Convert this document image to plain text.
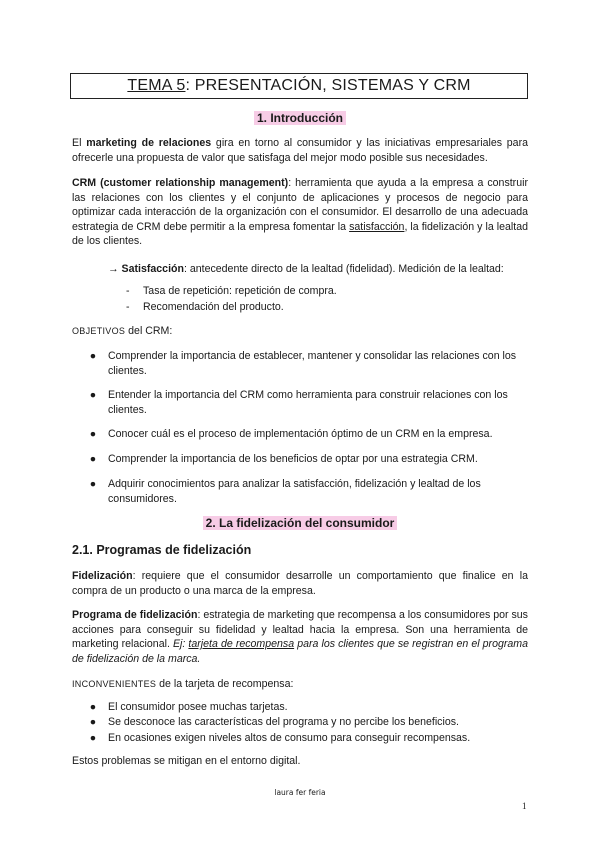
TEMA 5: PRESENTACIÓN, SISTEMAS Y CRM
1. Introducción
El marketing de relaciones gira en torno al consumidor y las iniciativas empresariales para ofrecerle una propuesta de valor que satisfaga del mejor modo posible sus necesidades.
CRM (customer relationship management): herramienta que ayuda a la empresa a construir las relaciones con los clientes y el conjunto de aplicaciones y procesos de negocio para optimizar cada interacción de la organización con el consumidor. El desarrollo de una adecuada estrategia de CRM debe permitir a la empresa fomentar la satisfacción, la fidelización y la lealtad de los clientes.
→ Satisfacción: antecedente directo de la lealtad (fidelidad). Medición de la lealtad:
- Tasa de repetición: repetición de compra.
- Recomendación del producto.
OBJETIVOS del CRM:
● Comprender la importancia de establecer, mantener y consolidar las relaciones con los clientes.
● Entender la importancia del CRM como herramienta para construir relaciones con los clientes.
● Conocer cuál es el proceso de implementación óptimo de un CRM en la empresa.
● Comprender la importancia de los beneficios de optar por una estrategia CRM.
● Adquirir conocimientos para analizar la satisfacción, fidelización y lealtad de los consumidores.
2. La fidelización del consumidor
2.1. Programas de fidelización
Fidelización: requiere que el consumidor desarrolle un comportamiento que finalice en la compra de un producto o una marca de la empresa.
Programa de fidelización: estrategia de marketing que recompensa a los consumidores por sus acciones para conseguir su fidelidad y lealtad hacia la empresa. Son una herramienta de marketing relacional. Ej: tarjeta de recompensa para los clientes que se registran en el programa de fidelización de la marca.
INCONVENIENTES de la tarjeta de recompensa:
● El consumidor posee muchas tarjetas.
● Se desconoce las características del programa y no percibe los beneficios.
● En ocasiones exigen niveles altos de consumo para conseguir recompensas.
Estos problemas se mitigan en el entorno digital.
laura fer feria
1
